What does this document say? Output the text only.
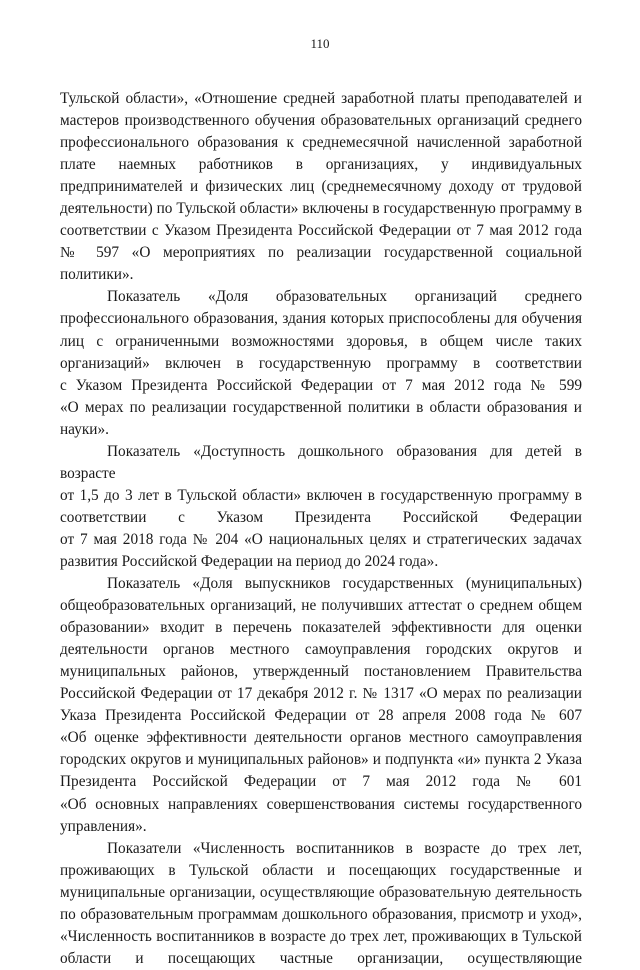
110

Тульской области», «Отношение средней заработной платы преподавателей и

мастеров производственного обучения образовательных организаций среднего

профессионального образования к среднемесячной начисленной заработной

плате наемных работников в организациях, у индивидуальных

предпринимателей и физических лиц (среднемесячному доходу от трудовой

деятельности) по Тульской области» включены в государственную программу в

соответствии с Указом Президента Российской Федерации от 7 мая 2012 года

№ 597 «О мероприятиях по реализации государственной социальной

политики».

Показатель «Доля образовательных организаций среднего

профессионального образования, здания которых приспособлены для обучения

лиц с ограниченными возможностями здоровья, в общем числе таких

организаций» включен в государственную программу в соответствии

с Указом Президента Российской Федерации от 7 мая 2012 года № 599

«О мерах по реализации государственной политики в области образования и

науки».

Показатель «Доступность дошкольного образования для детей в возрасте

от 1,5 до 3 лет в Тульской области» включен в государственную программу в

соответствии с Указом Президента Российской Федерации

от 7 мая 2018 года № 204 «О национальных целях и стратегических задачах

развития Российской Федерации на период до 2024 года».

Показатель «Доля выпускников государственных (муниципальных)

общеобразовательных организаций, не получивших аттестат о среднем общем

образовании» входит в перечень показателей эффективности для оценки

деятельности органов местного самоуправления городских округов и

муниципальных районов, утвержденный постановлением Правительства

Российской Федерации от 17 декабря 2012 г. № 1317 «О мерах по реализации

Указа Президента Российской Федерации от 28 апреля 2008 года № 607

«Об оценке эффективности деятельности органов местного самоуправления

городских округов и муниципальных районов» и подпункта «и» пункта 2 Указа

Президента Российской Федерации от 7 мая 2012 года № 601

«Об основных направлениях совершенствования системы государственного

управления».

Показатели «Численность воспитанников в возрасте до трех лет,

проживающих в Тульской области и посещающих государственные и

муниципальные организации, осуществляющие образовательную деятельность

по образовательным программам дошкольного образования, присмотр и уход»,

«Численность воспитанников в возрасте до трех лет, проживающих в Тульской

области и посещающих частные организации, осуществляющие
